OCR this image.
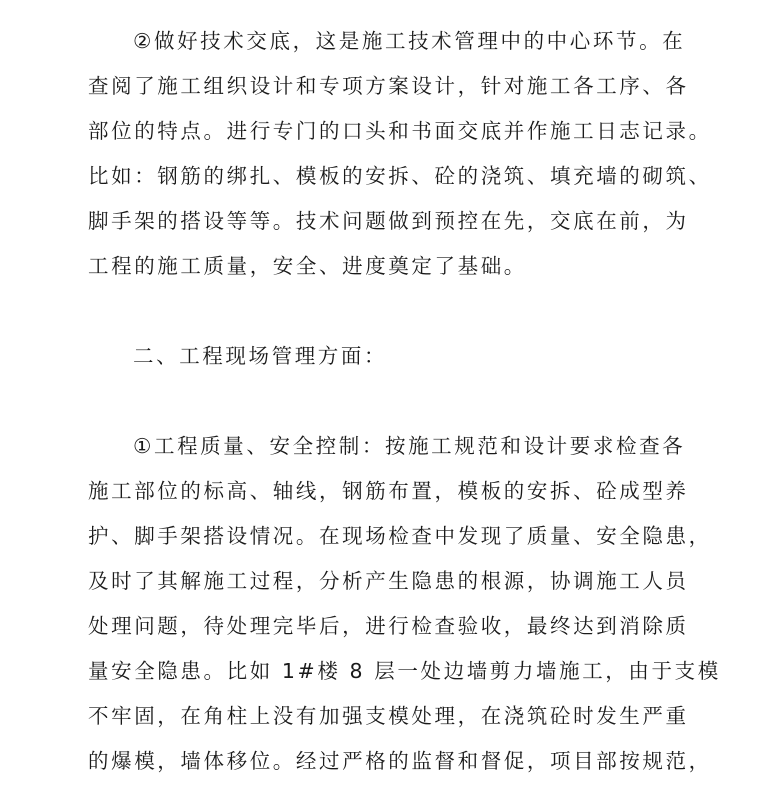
②做好技术交底，这是施工技术管理中的中心环节。在
查阅了施工组织设计和专项方案设计，针对施工各工序、各
部位的特点。进行专门的口头和书面交底并作施工日志记录。
比如：钢筋的绑扎、模板的安拆、砼的浇筑、填充墙的砌筑、
脚手架的搭设等等。技术问题做到预控在先，交底在前，为
工程的施工质量，安全、进度奠定了基础。
二、工程现场管理方面：
①工程质量、安全控制：按施工规范和设计要求检查各
施工部位的标高、轴线，钢筋布置，模板的安拆、砼成型养
护、脚手架搭设情况。在现场检查中发现了质量、安全隐患，
及时了其解施工过程，分析产生隐患的根源，协调施工人员
处理问题，待处理完毕后，进行检查验收，最终达到消除质
量安全隐患。比如 1#楼 8 层一处边墙剪力墙施工，由于支模
不牢固，在角柱上没有加强支模处理，在浇筑砼时发生严重
的爆模，墙体移位。经过严格的监督和督促，项目部按规范，
